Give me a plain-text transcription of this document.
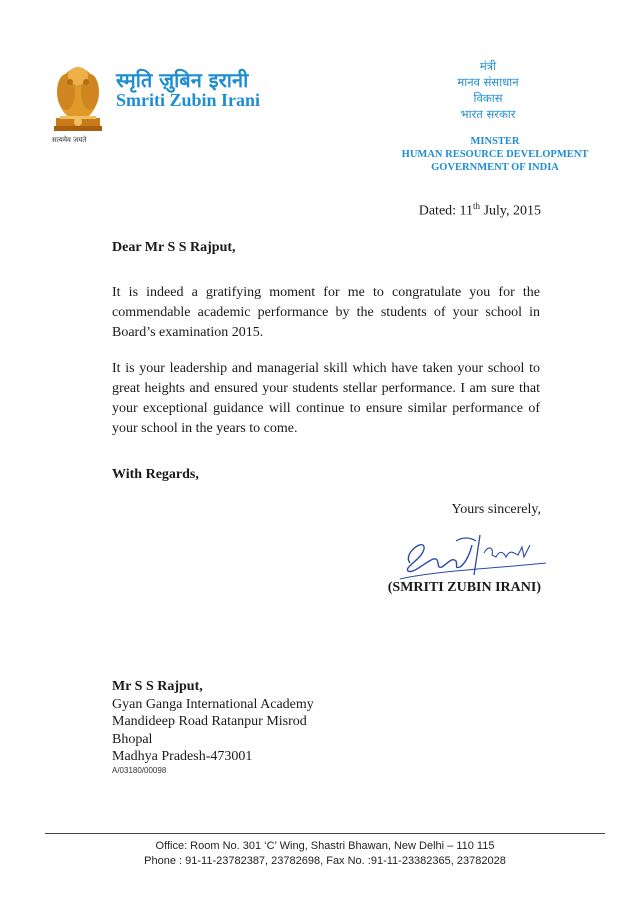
सत्यमेव जयते
स्मृति ज़ुबिन इरानी
Smriti Zubin Irani
मंत्री
मानव संसाधान
विकास
भारत सरकार
MINSTER
HUMAN RESOURCE DEVELOPMENT
GOVERNMENT OF INDIA
Dated: 11th July, 2015
Dear Mr S S Rajput,
It is indeed a gratifying moment for me to congratulate you for the commendable academic performance by the students of your school in Board’s examination 2015.
It is your leadership and managerial skill which have taken your school to great heights and ensured your students stellar performance. I am sure that your exceptional guidance will continue to ensure similar performance of your school in the years to come.
With Regards,
Yours sincerely,
(SMRITI ZUBIN IRANI)
Mr S S Rajput,
Gyan Ganga International Academy
Mandideep Road Ratanpur Misrod
Bhopal
Madhya Pradesh-473001
A/03180/00098
Office: Room No. 301 ‘C’ Wing, Shastri Bhawan, New Delhi – 110 115
Phone : 91-11-23782387, 23782698, Fax No. :91-11-23382365, 23782028
